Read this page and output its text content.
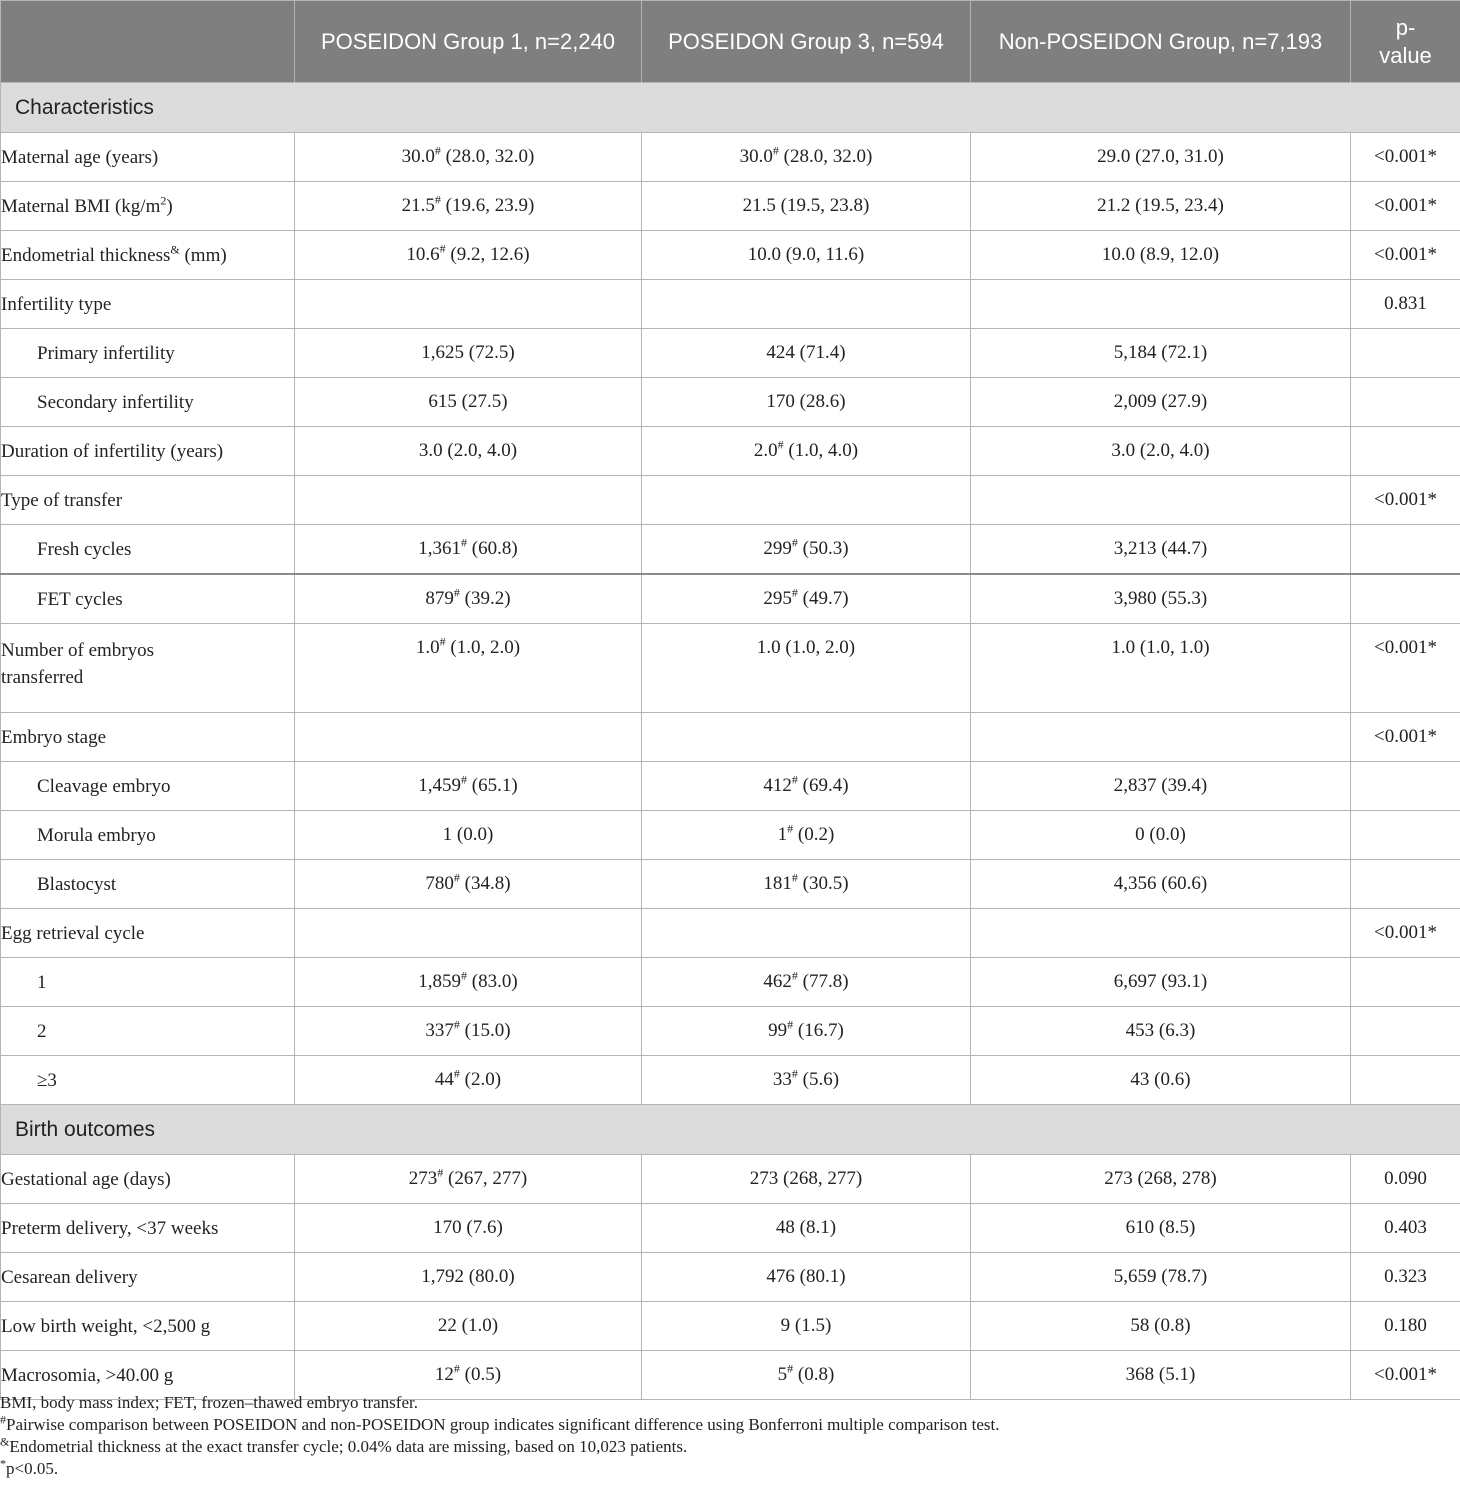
	POSEIDON Group 1, n=2,240	POSEIDON Group 3, n=594	Non-POSEIDON Group, n=7,193	p-value
Characteristics				
Maternal age (years)	30.0# (28.0, 32.0)	30.0# (28.0, 32.0)	29.0 (27.0, 31.0)	<0.001*
Maternal BMI $(kg/m^2)$	21.5# (19.6, 23.9)	21.5 (19.5, 23.8)	21.2 (19.5, 23.4)	<0.001*
Endometrial thickness& (mm)	10.6# (9.2, 12.6)	10.0 (9.0, 11.6)	10.0 (8.9, 12.0)	<0.001*
Infertility type				0.831
Primary infertility	1,625 (72.5)	424 (71.4)	5,184 (72.1)	
Secondary infertility	615 (27.5)	170 (28.6)	2,009 (27.9)	
Duration of infertility (years)	3.0 (2.0, 4.0)	2.0# (1.0, 4.0)	3.0 (2.0, 4.0)	
Type of transfer				<0.001*
Fresh cycles	1,361# (60.8)	299# (50.3)	3,213 (44.7)	
FET cycles	879# (39.2)	295# (49.7)	3,980 (55.3)	
Number of embryos transferred	1.0# (1.0, 2.0)	1.0 (1.0, 2.0)	1.0 (1.0, 1.0)	<0.001*
Embryo stage				<0.001*
Cleavage embryo	1,459# (65.1)	412# (69.4)	2,837 (39.4)	
Morula embryo	1 (0.0)	1# (0.2)	0 (0.0)	
Blastocyst	780# (34.8)	181# (30.5)	4,356 (60.6)	
Egg retrieval cycle				<0.001*
1	1,859# (83.0)	462# (77.8)	6,697 (93.1)	
2	337# (15.0)	99# (16.7)	453 (6.3)	
≥3	44# (2.0)	33# (5.6)	43 (0.6)	
Birth outcomes				
Gestational age (days)	273# (267, 277)	273 (268, 277)	273 (268, 278)	0.090
Preterm delivery, <37 weeks	170 (7.6)	48 (8.1)	610 (8.5)	0.403
Cesarean delivery	1,792 (80.0)	476 (80.1)	5,659 (78.7)	0.323
Low birth weight, <2,500 g	22 (1.0)	9 (1.5)	58 (0.8)	0.180
Macrosomia, >40.00 g	12# (0.5)	5# (0.8)	368 (5.1)	<0.001*
BMI, body mass index; FET, frozen–thawed embryo transfer.
#Pairwise comparison between POSEIDON and non-POSEIDON group indicates significant difference using Bonferroni multiple comparison test.
&Endometrial thickness at the exact transfer cycle; 0.04% data are missing, based on 10,023 patients.
*p<0.05.
